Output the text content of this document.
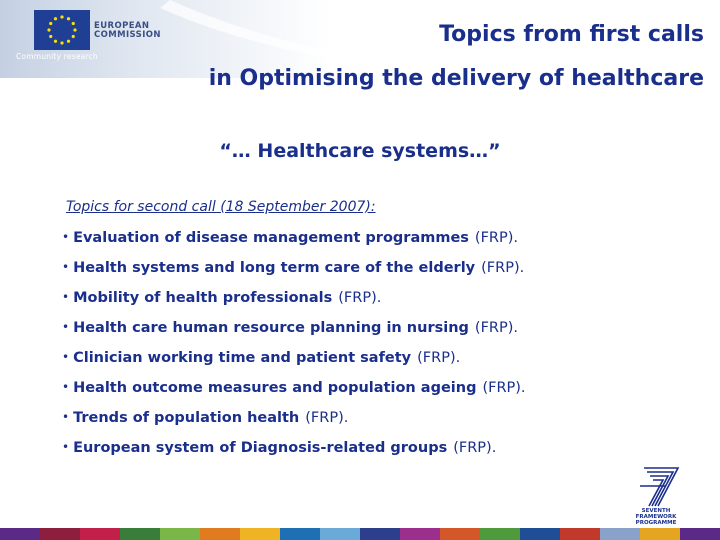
EUROPEAN
COMMISSION
Community research
Topics from first calls
in Optimising the delivery of healthcare
“… Healthcare systems…”
Topics for second call (18 September 2007):
• Evaluation of disease management programmes (FRP).
• Health systems and long term care of the elderly (FRP).
• Mobility of health professionals (FRP).
• Health care human resource planning in nursing (FRP).
• Clinician working time and patient safety (FRP).
• Health outcome measures and population ageing (FRP).
• Trends of population health (FRP).
• European system of Diagnosis-related groups (FRP).
SEVENTH FRAMEWORK
PROGRAMME
